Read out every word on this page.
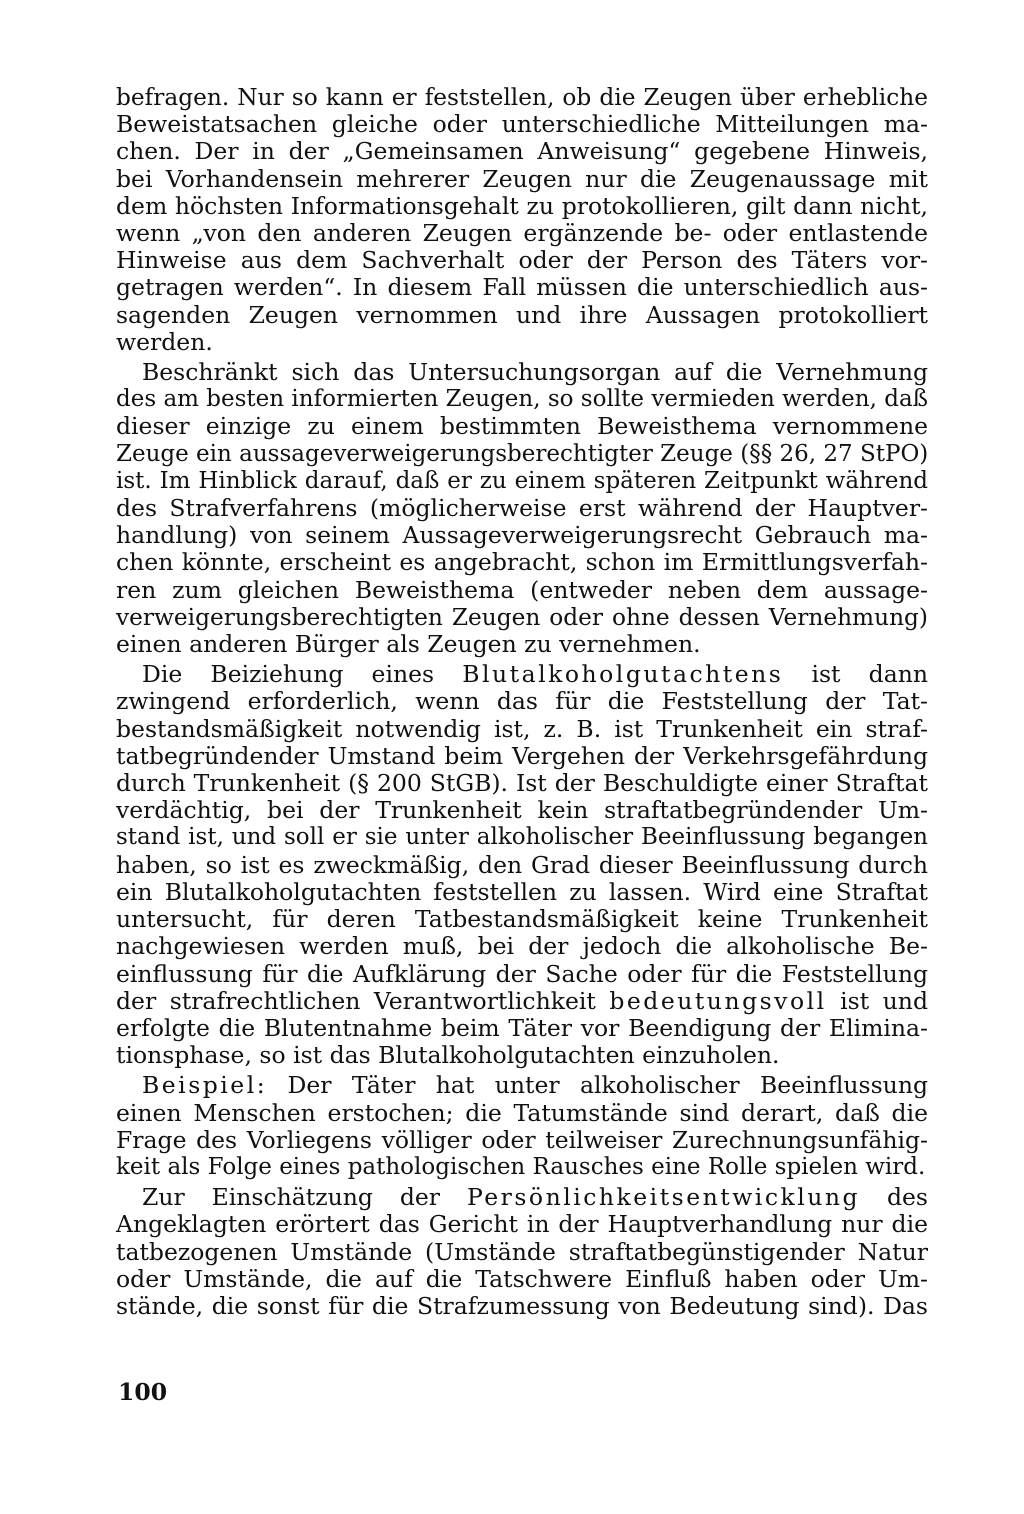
befragen. Nur so kann er feststellen, ob die Zeugen über erhebliche
Beweistatsachen gleiche oder unterschiedliche Mitteilungen ma-
chen. Der in der „Gemeinsamen Anweisung“ gegebene Hinweis,
bei Vorhandensein mehrerer Zeugen nur die Zeugenaussage mit
dem höchsten Informationsgehalt zu protokollieren, gilt dann nicht,
wenn „von den anderen Zeugen ergänzende be- oder entlastende
Hinweise aus dem Sachverhalt oder der Person des Täters vor-
getragen werden“. In diesem Fall müssen die unterschiedlich aus-
sagenden Zeugen vernommen und ihre Aussagen protokolliert
werden.
Beschränkt sich das Untersuchungsorgan auf die Vernehmung
des am besten informierten Zeugen, so sollte vermieden werden, daß
dieser einzige zu einem bestimmten Beweisthema vernommene
Zeuge ein aussageverweigerungsberechtigter Zeuge (§§ 26, 27 StPO)
ist. Im Hinblick darauf, daß er zu einem späteren Zeitpunkt während
des Strafverfahrens (möglicherweise erst während der Hauptver-
handlung) von seinem Aussageverweigerungsrecht Gebrauch ma-
chen könnte, erscheint es angebracht, schon im Ermittlungsverfah-
ren zum gleichen Beweisthema (entweder neben dem aussage-
verweigerungsberechtigten Zeugen oder ohne dessen Vernehmung)
einen anderen Bürger als Zeugen zu vernehmen.
Die Beiziehung eines Blutalkoholgutachtens ist dann
zwingend erforderlich, wenn das für die Feststellung der Tat-
bestandsmäßigkeit notwendig ist, z. B. ist Trunkenheit ein straf-
tatbegründender Umstand beim Vergehen der Verkehrsgefährdung
durch Trunkenheit (§ 200 StGB). Ist der Beschuldigte einer Straftat
verdächtig, bei der Trunkenheit kein straftatbegründender Um-
stand ist, und soll er sie unter alkoholischer Beeinflussung begangen
haben, so ist es zweckmäßig, den Grad dieser Beeinflussung durch
ein Blutalkoholgutachten feststellen zu lassen. Wird eine Straftat
untersucht, für deren Tatbestandsmäßigkeit keine Trunkenheit
nachgewiesen werden muß, bei der jedoch die alkoholische Be-
einflussung für die Aufklärung der Sache oder für die Feststellung
der strafrechtlichen Verantwortlichkeit bedeutungsvoll ist und
erfolgte die Blutentnahme beim Täter vor Beendigung der Elimina-
tionsphase, so ist das Blutalkoholgutachten einzuholen.
Beispiel: Der Täter hat unter alkoholischer Beeinflussung
einen Menschen erstochen; die Tatumstände sind derart, daß die
Frage des Vorliegens völliger oder teilweiser Zurechnungsunfähig-
keit als Folge eines pathologischen Rausches eine Rolle spielen wird.
Zur Einschätzung der Persönlichkeitsentwicklung des
Angeklagten erörtert das Gericht in der Hauptverhandlung nur die
tatbezogenen Umstände (Umstände straftatbegünstigender Natur
oder Umstände, die auf die Tatschwere Einfluß haben oder Um-
stände, die sonst für die Strafzumessung von Bedeutung sind). Das
100
